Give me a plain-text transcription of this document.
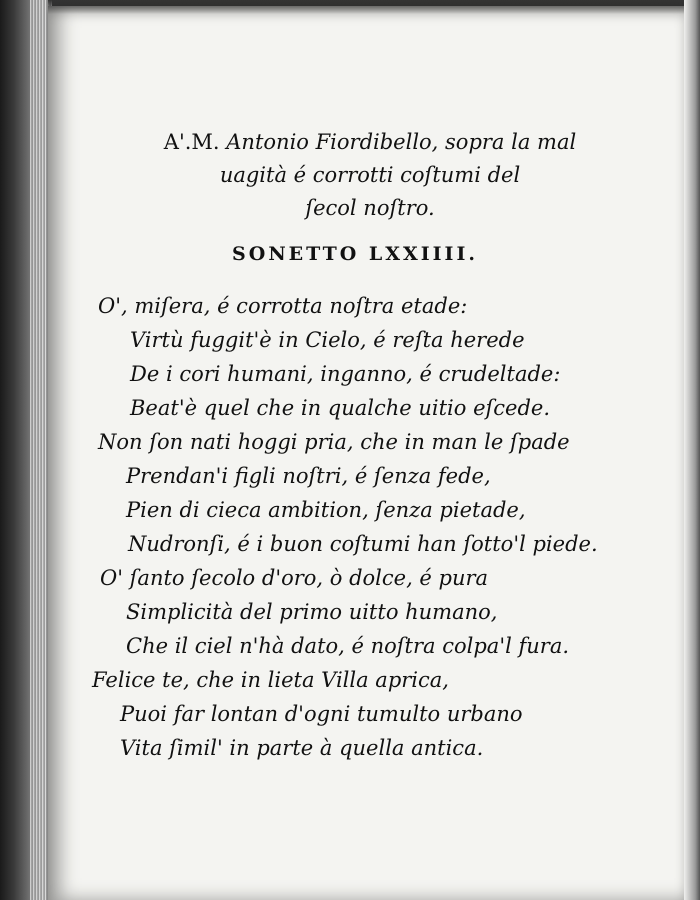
A'.M. Antonio Fiordibello, sopra la mal
uagità é corrotti coſtumi del
ſecol noſtro.
SONETTO LXXIIII.
O', miſera, é corrotta noſtra etade:
Virtù fuggit'è in Cielo, é reſta herede
De i cori humani, inganno, é crudeltade:
Beat'è quel che in qualche uitio eſcede.
Non ſon nati hoggi pria, che in man le ſpade
Prendan'i figli noſtri, é ſenza fede,
Pien di cieca ambition, ſenza pietade,
Nudronſi, é i buon coſtumi han ſotto'l piede.
O' ſanto ſecolo d'oro, ò dolce, é pura
Simplicità del primo uitto humano,
Che il ciel n'hà dato, é noſtra colpa'l fura.
Felice te, che in lieta Villa aprica,
Puoi far lontan d'ogni tumulto urbano
Vita ſimil' in parte à quella antica.
